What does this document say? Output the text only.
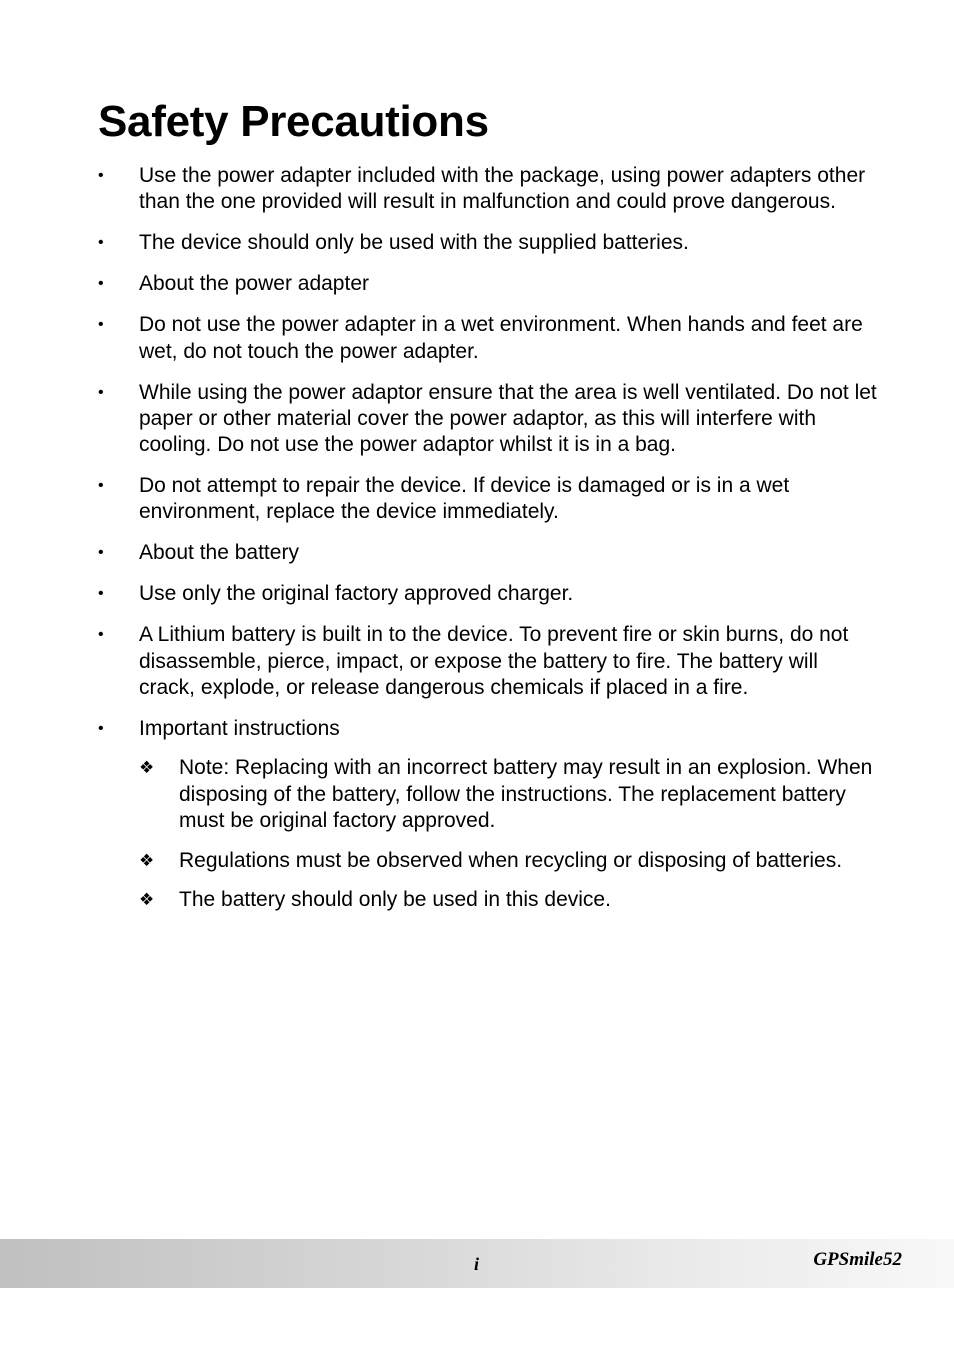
Safety Precautions
•	Use the power adapter included with the package, using power adapters other than the one provided will result in malfunction and could prove dangerous.
•	The device should only be used with the supplied batteries.
•	About the power adapter
•	Do not use the power adapter in a wet environment. When hands and feet are wet, do not touch the power adapter.
•	While using the power adaptor ensure that the area is well ventilated. Do not let paper or other material cover the power adaptor, as this will interfere with cooling. Do not use the power adaptor whilst it is in a bag.
•	Do not attempt to repair the device. If device is damaged or is in a wet environment, replace the device immediately.
•	About the battery
•	Use only the original factory approved charger.
•	A Lithium battery is built in to the device. To prevent fire or skin burns, do not disassemble, pierce, impact, or expose the battery to fire. The battery will crack, explode, or release dangerous chemicals if placed in a fire.
•	Important instructions
❖ Note: Replacing with an incorrect battery may result in an explosion. When disposing of the battery, follow the instructions. The replacement battery must be original factory approved.
❖ Regulations must be observed when recycling or disposing of batteries.
❖ The battery should only be used in this device.
i	GPSmile52
